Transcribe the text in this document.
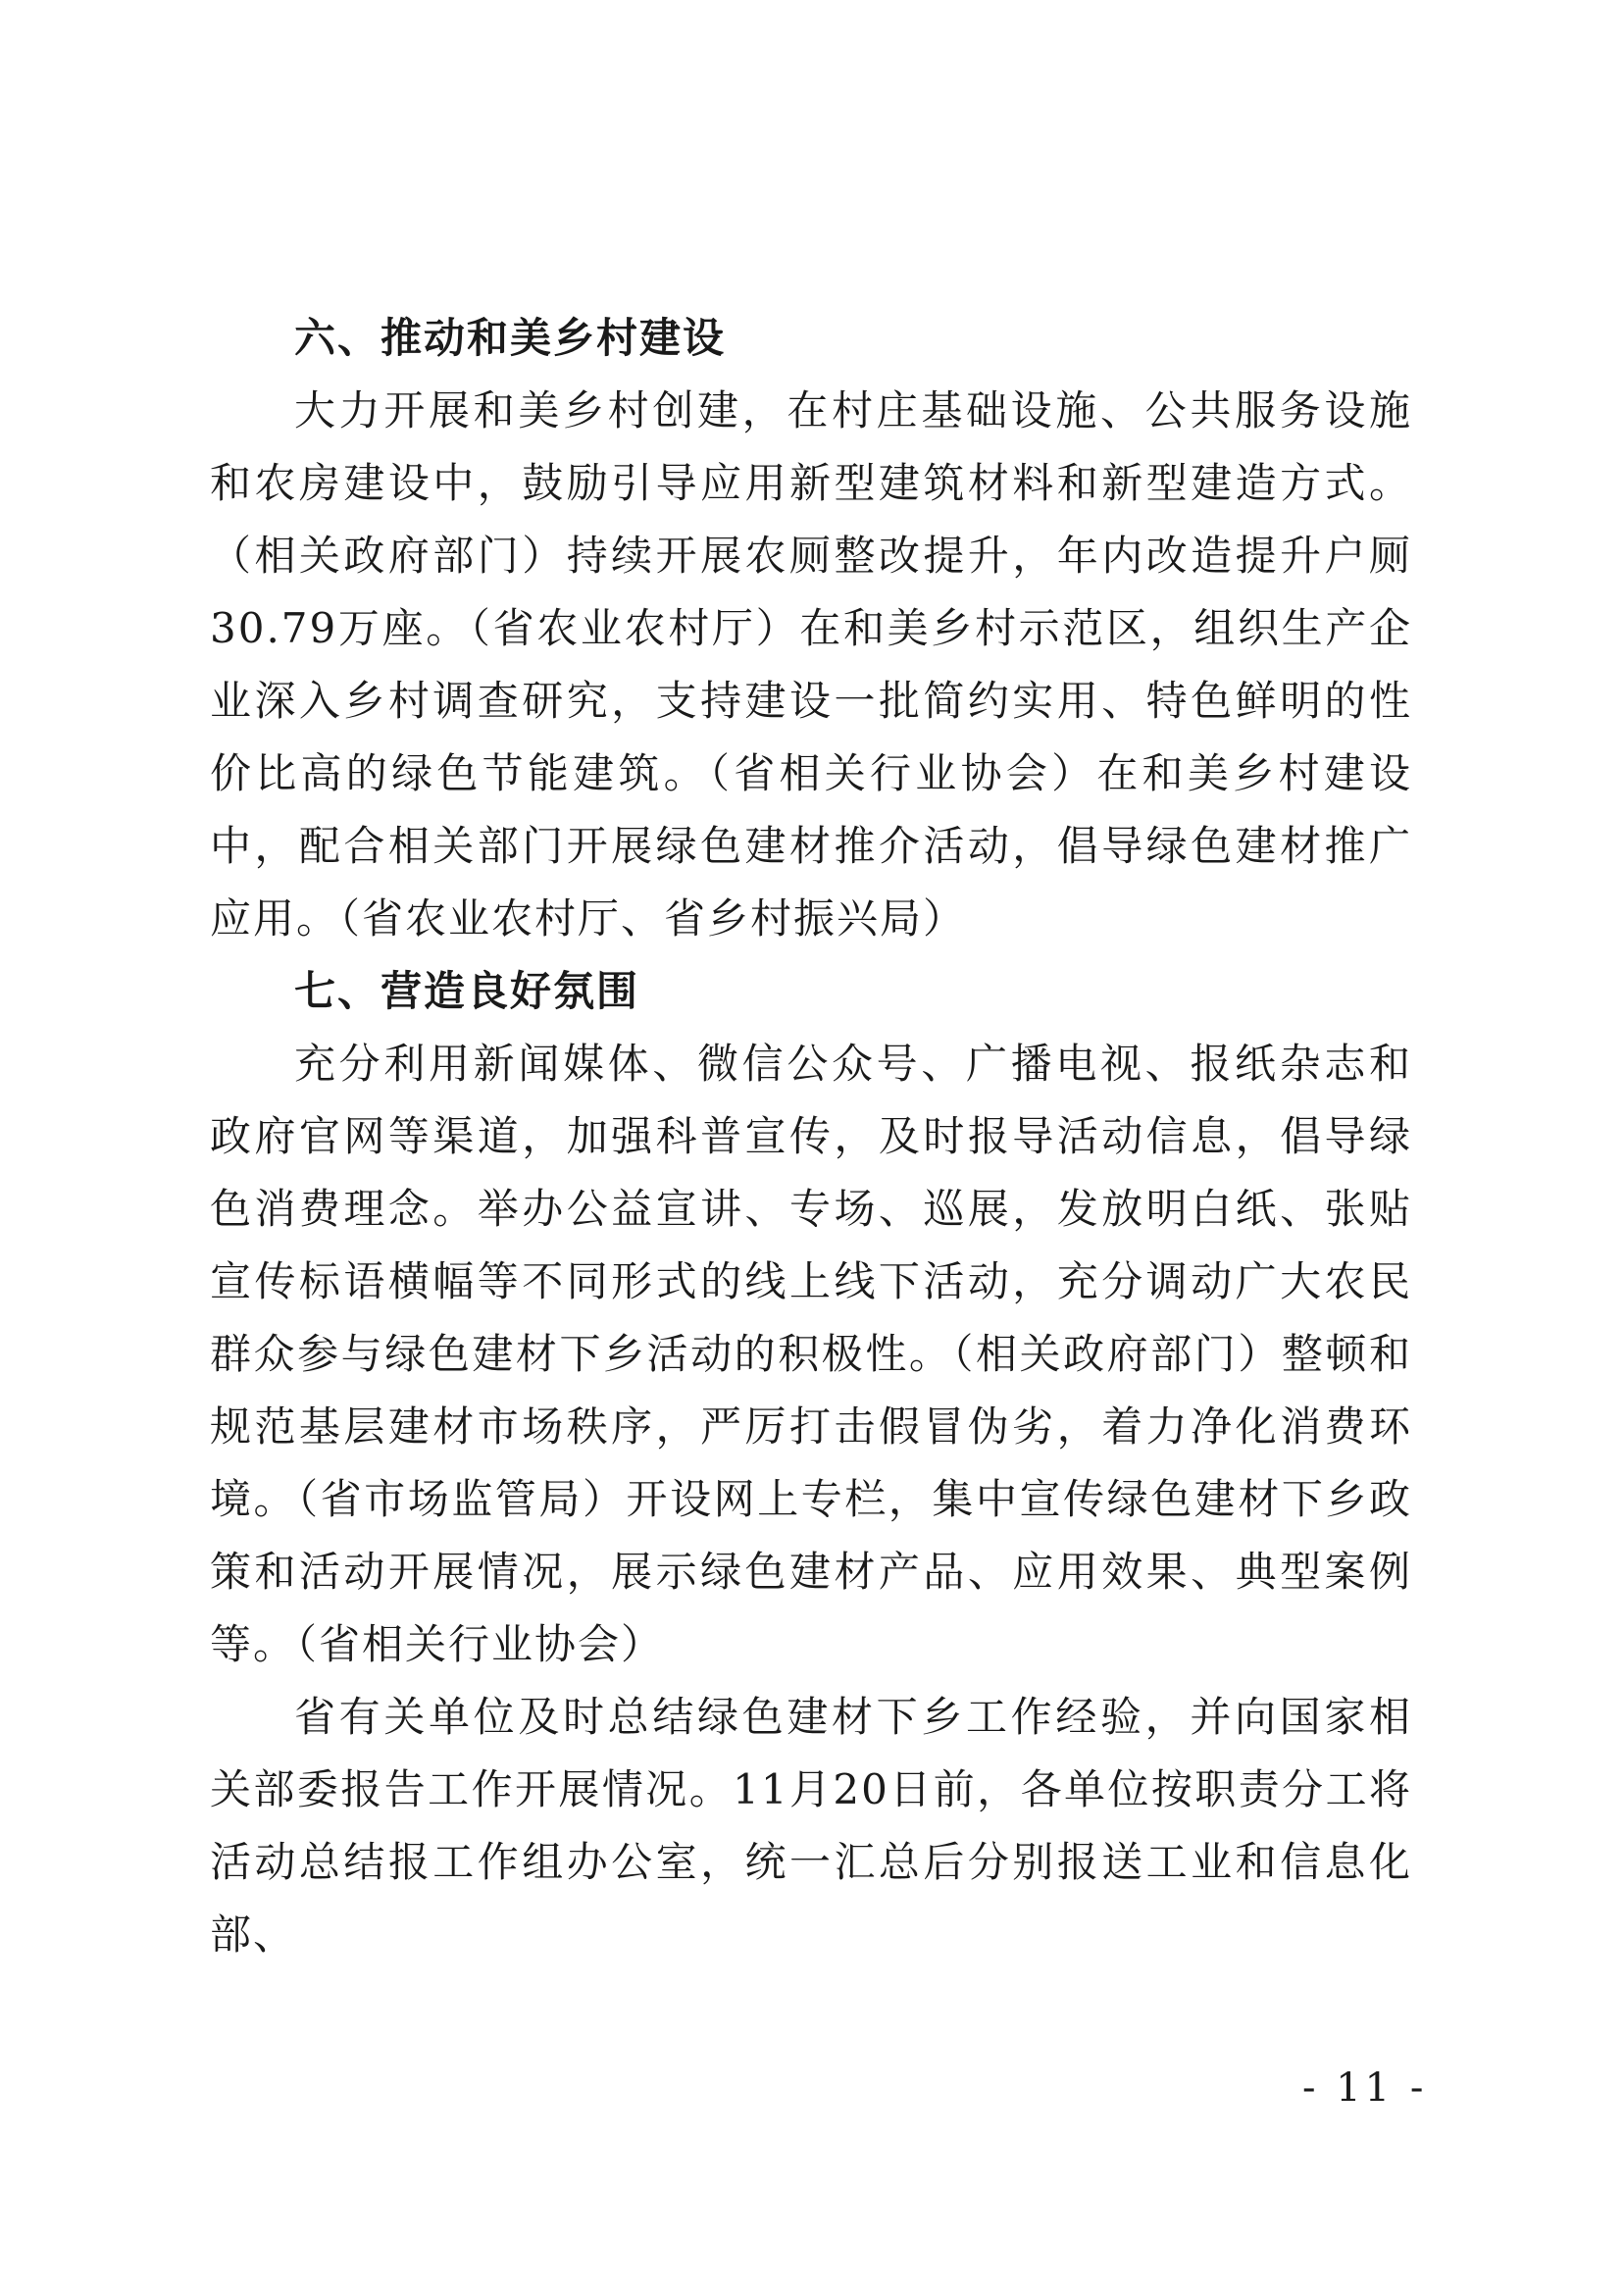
六、推动和美乡村建设

大力开展和美乡村创建，在村庄基础设施、公共服务设施和农房建设中，鼓励引导应用新型建筑材料和新型建造方式。（相关政府部门）持续开展农厕整改提升，年内改造提升户厕30.79万座。（省农业农村厅）在和美乡村示范区，组织生产企业深入乡村调查研究，支持建设一批简约实用、特色鲜明的性价比高的绿色节能建筑。（省相关行业协会）在和美乡村建设中，配合相关部门开展绿色建材推介活动，倡导绿色建材推广应用。（省农业农村厅、省乡村振兴局）

七、营造良好氛围

充分利用新闻媒体、微信公众号、广播电视、报纸杂志和政府官网等渠道，加强科普宣传，及时报导活动信息，倡导绿色消费理念。举办公益宣讲、专场、巡展，发放明白纸、张贴宣传标语横幅等不同形式的线上线下活动，充分调动广大农民群众参与绿色建材下乡活动的积极性。（相关政府部门）整顿和规范基层建材市场秩序，严厉打击假冒伪劣，着力净化消费环境。（省市场监管局）开设网上专栏，集中宣传绿色建材下乡政策和活动开展情况，展示绿色建材产品、应用效果、典型案例等。（省相关行业协会）

省有关单位及时总结绿色建材下乡工作经验，并向国家相关部委报告工作开展情况。11月20日前，各单位按职责分工将活动总结报工作组办公室，统一汇总后分别报送工业和信息化部、

- 11 -
